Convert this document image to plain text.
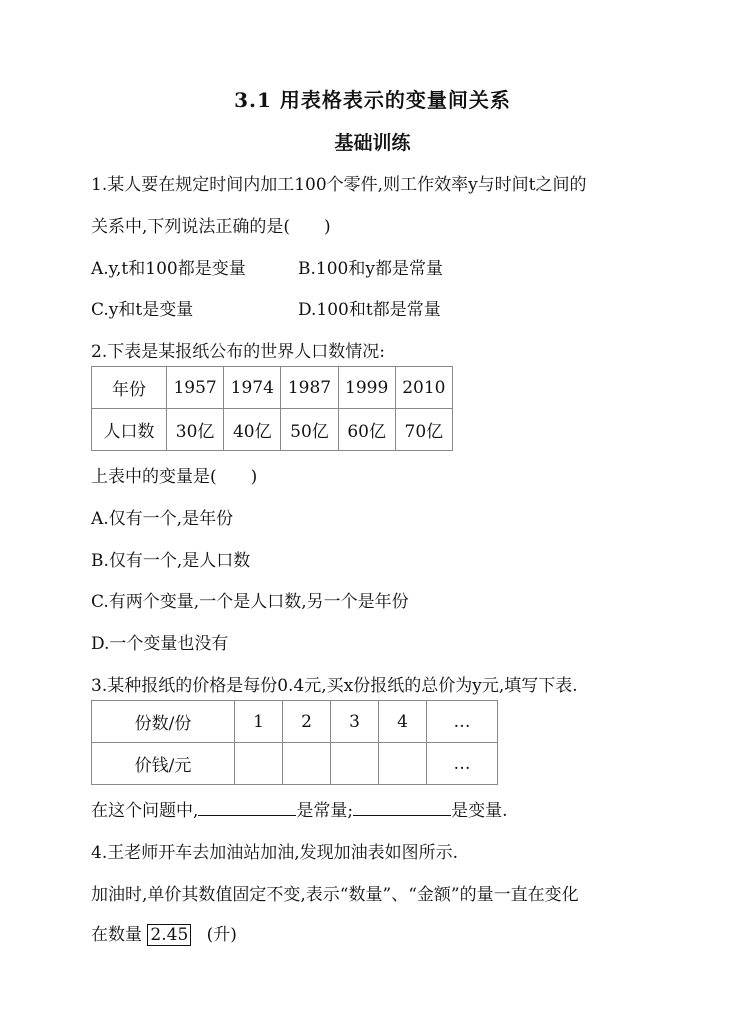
3.1 用表格表示的变量间关系
基础训练
1.某人要在规定时间内加工100个零件,则工作效率y与时间t之间的
关系中,下列说法正确的是(　　)
A.y,t和100都是变量	B.100和y都是常量
C.y和t是变量	D.100和t都是常量
2.下表是某报纸公布的世界人口数情况:
年份	1957	1974	1987	1999	2010
人口数	30亿	40亿	50亿	60亿	70亿
上表中的变量是(　　)
A.仅有一个,是年份
B.仅有一个,是人口数
C.有两个变量,一个是人口数,另一个是年份
D.一个变量也没有
3.某种报纸的价格是每份0.4元,买x份报纸的总价为y元,填写下表.
份数/份	1	2	3	4	…
价钱/元					…
在这个问题中,	是常量;	是变量.
4.王老师开车去加油站加油,发现加油表如图所示.
加油时,单价其数值固定不变,表示“数量”、“金额”的量一直在变化
在数量 2.45 (升)
